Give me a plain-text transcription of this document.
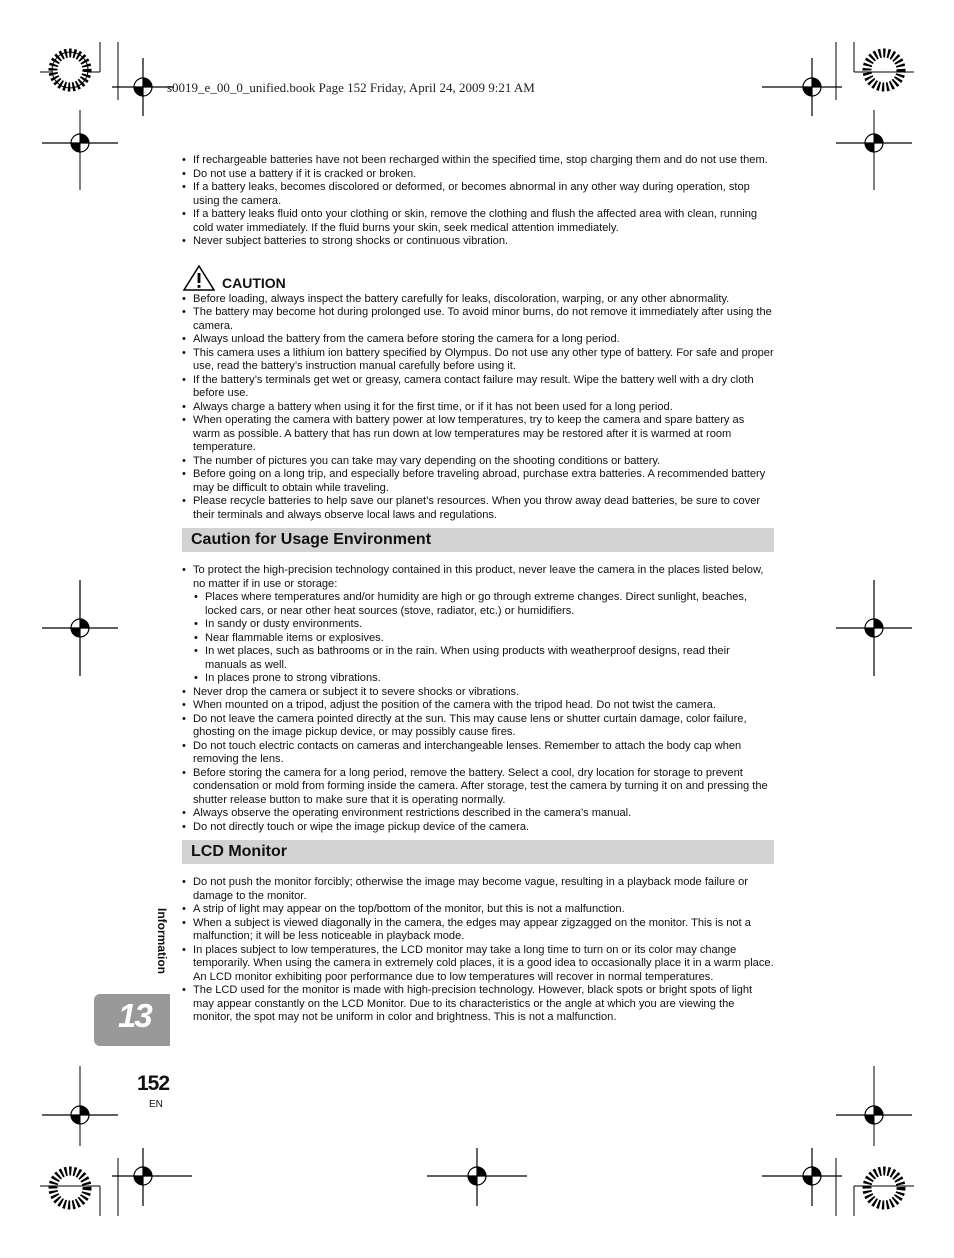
s0019_e_00_0_unified.book Page 152 Friday, April 24, 2009 9:21 AM
• If rechargeable batteries have not been recharged within the specified time, stop charging them and do not use them.
• Do not use a battery if it is cracked or broken.
• If a battery leaks, becomes discolored or deformed, or becomes abnormal in any other way during operation, stop using the camera.
• If a battery leaks fluid onto your clothing or skin, remove the clothing and flush the affected area with clean, running cold water immediately. If the fluid burns your skin, seek medical attention immediately.
• Never subject batteries to strong shocks or continuous vibration.
CAUTION
• Before loading, always inspect the battery carefully for leaks, discoloration, warping, or any other abnormality.
• The battery may become hot during prolonged use. To avoid minor burns, do not remove it immediately after using the camera.
• Always unload the battery from the camera before storing the camera for a long period.
• This camera uses a lithium ion battery specified by Olympus. Do not use any other type of battery. For safe and proper use, read the battery’s instruction manual carefully before using it.
• If the battery’s terminals get wet or greasy, camera contact failure may result. Wipe the battery well with a dry cloth before use.
• Always charge a battery when using it for the first time, or if it has not been used for a long period.
• When operating the camera with battery power at low temperatures, try to keep the camera and spare battery as warm as possible. A battery that has run down at low temperatures may be restored after it is warmed at room temperature.
• The number of pictures you can take may vary depending on the shooting conditions or battery.
• Before going on a long trip, and especially before traveling abroad, purchase extra batteries. A recommended battery may be difficult to obtain while traveling.
• Please recycle batteries to help save our planet’s resources. When you throw away dead batteries, be sure to cover their terminals and always observe local laws and regulations.
Caution for Usage Environment
• To protect the high-precision technology contained in this product, never leave the camera in the places listed below, no matter if in use or storage:
• Places where temperatures and/or humidity are high or go through extreme changes. Direct sunlight, beaches, locked cars, or near other heat sources (stove, radiator, etc.) or humidifiers.
• In sandy or dusty environments.
• Near flammable items or explosives.
• In wet places, such as bathrooms or in the rain. When using products with weatherproof designs, read their manuals as well.
• In places prone to strong vibrations.
• Never drop the camera or subject it to severe shocks or vibrations.
• When mounted on a tripod, adjust the position of the camera with the tripod head. Do not twist the camera.
• Do not leave the camera pointed directly at the sun. This may cause lens or shutter curtain damage, color failure, ghosting on the image pickup device, or may possibly cause fires.
• Do not touch electric contacts on cameras and interchangeable lenses. Remember to attach the body cap when removing the lens.
• Before storing the camera for a long period, remove the battery. Select a cool, dry location for storage to prevent condensation or mold from forming inside the camera. After storage, test the camera by turning it on and pressing the shutter release button to make sure that it is operating normally.
• Always observe the operating environment restrictions described in the camera’s manual.
• Do not directly touch or wipe the image pickup device of the camera.
LCD Monitor
• Do not push the monitor forcibly; otherwise the image may become vague, resulting in a playback mode failure or damage to the monitor.
• A strip of light may appear on the top/bottom of the monitor, but this is not a malfunction.
• When a subject is viewed diagonally in the camera, the edges may appear zigzagged on the monitor. This is not a malfunction; it will be less noticeable in playback mode.
• In places subject to low temperatures, the LCD monitor may take a long time to turn on or its color may change temporarily. When using the camera in extremely cold places, it is a good idea to occasionally place it in a warm place. An LCD monitor exhibiting poor performance due to low temperatures will recover in normal temperatures.
• The LCD used for the monitor is made with high-precision technology. However, black spots or bright spots of light may appear constantly on the LCD Monitor. Due to its characteristics or the angle at which you are viewing the monitor, the spot may not be uniform in color and brightness. This is not a malfunction.
Information
13
152
EN
